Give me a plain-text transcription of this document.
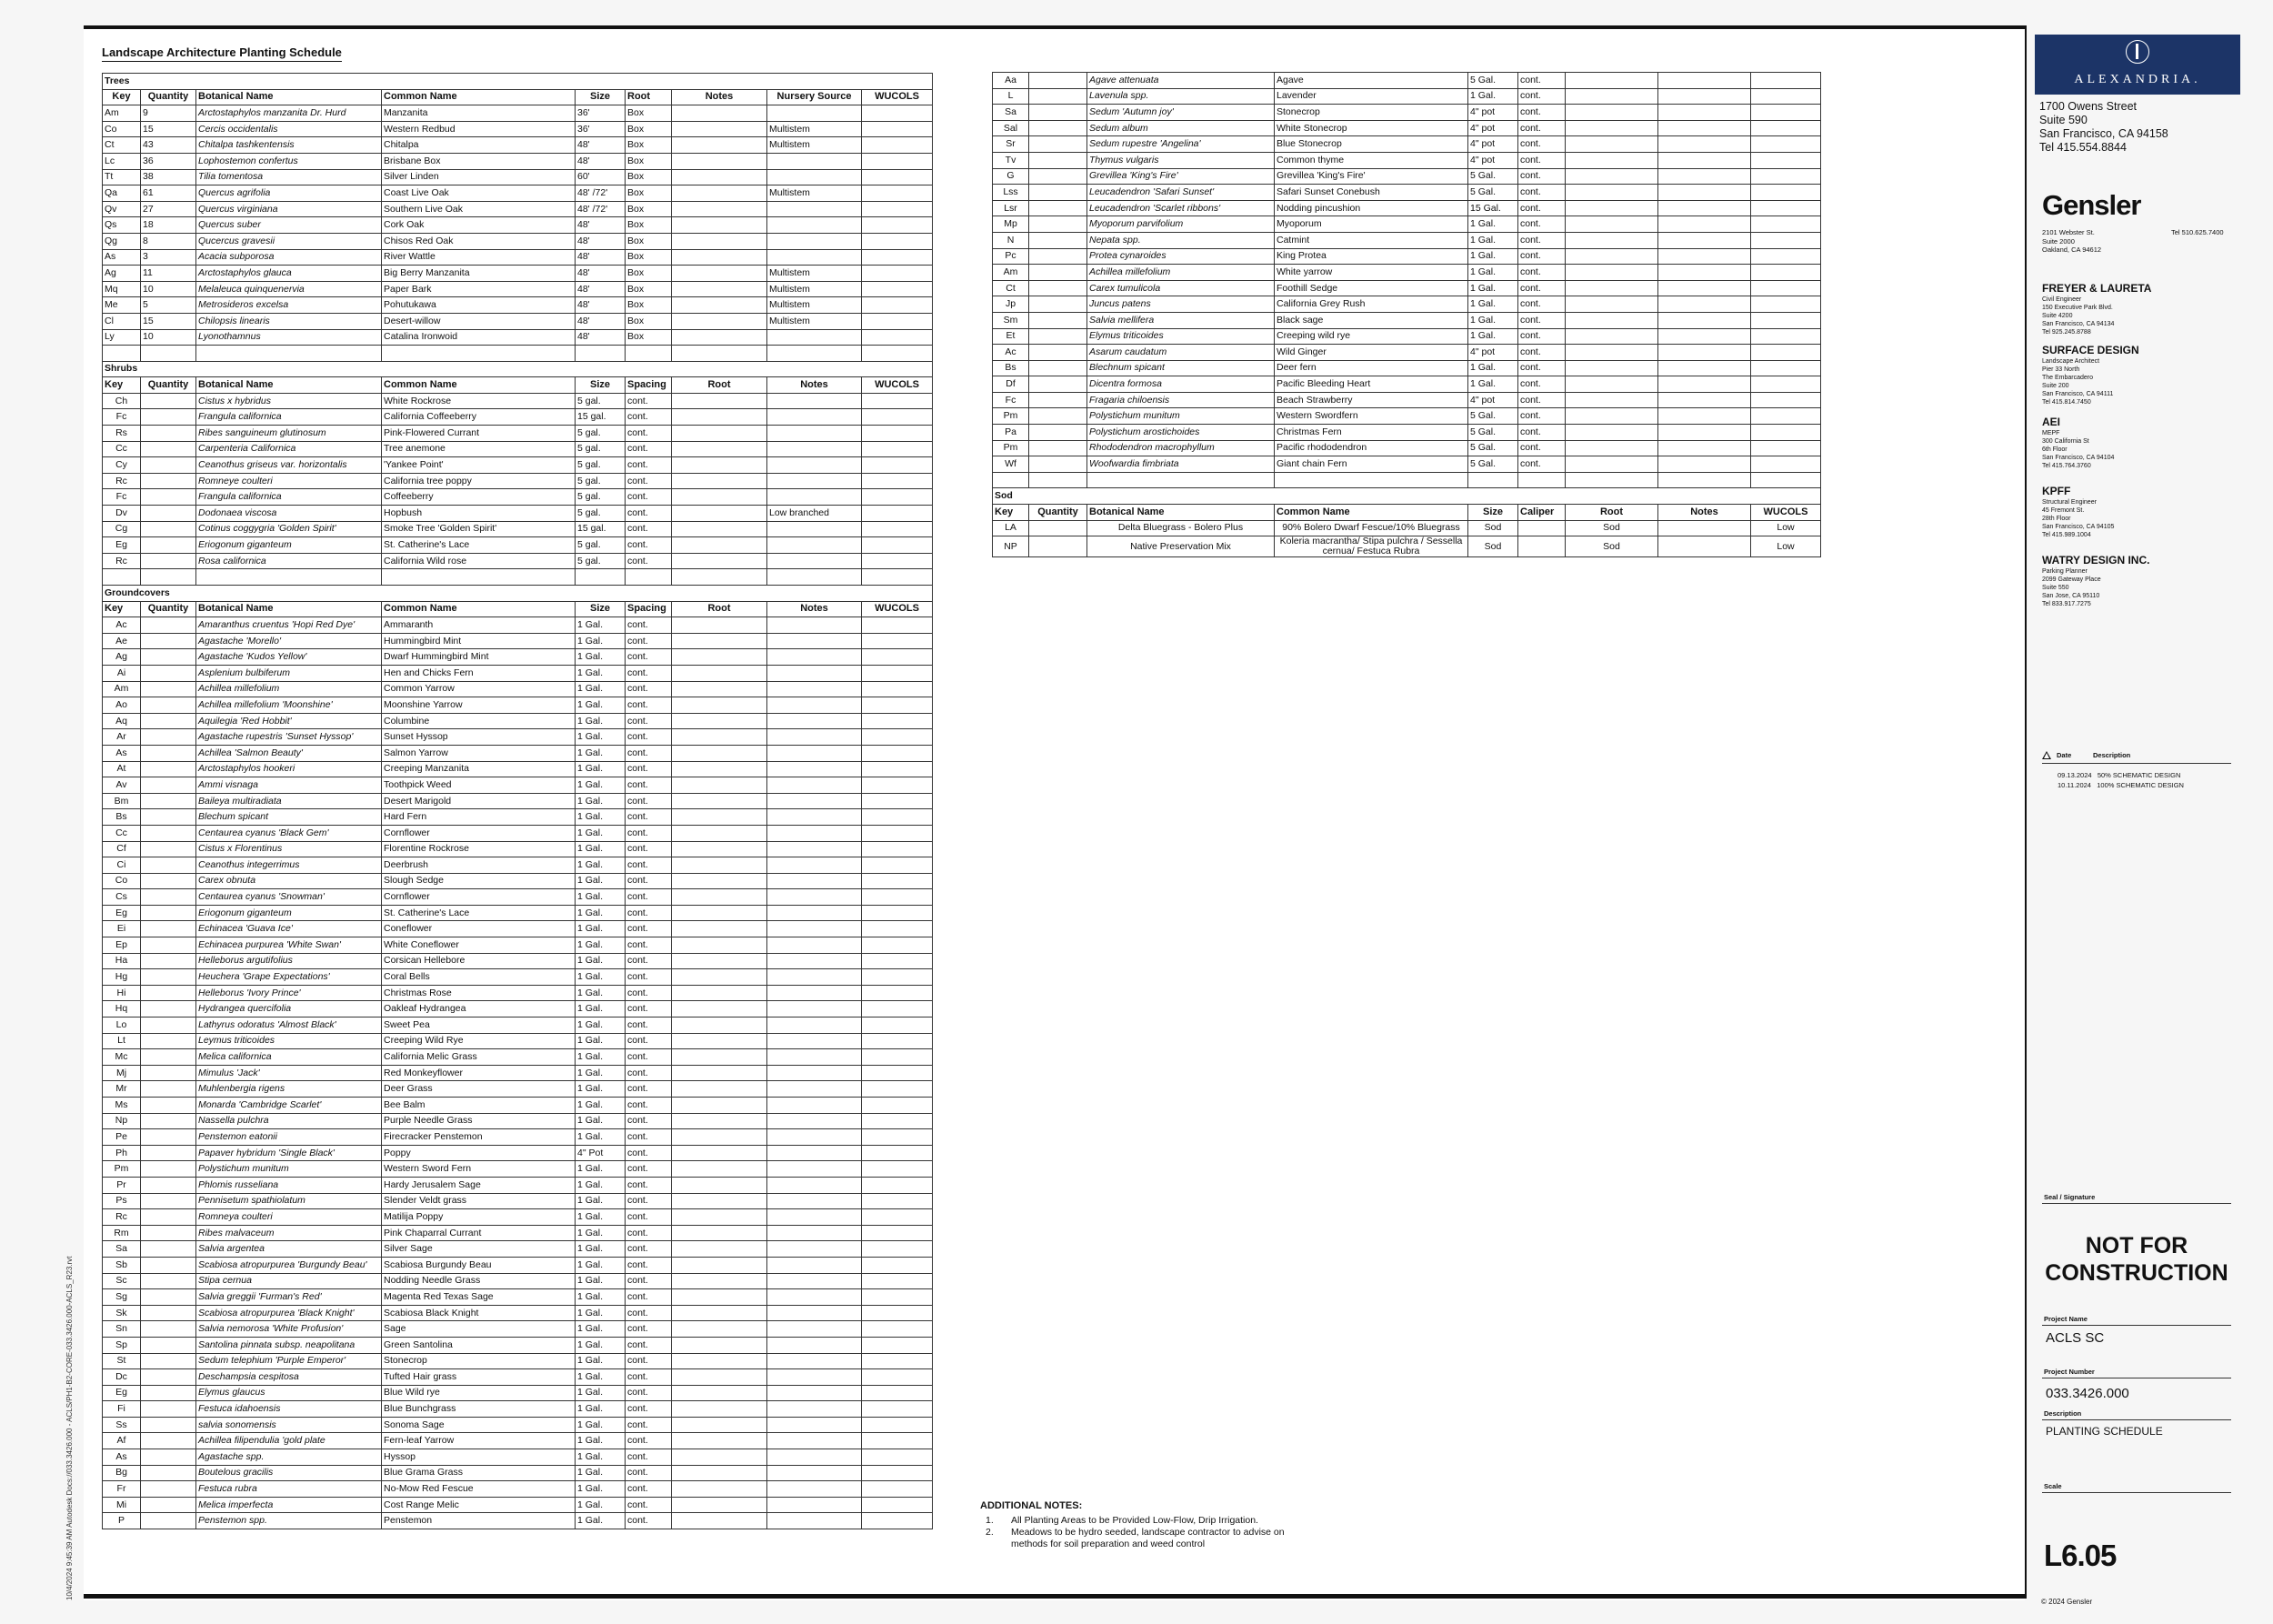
Landscape Architecture Planting Schedule
Trees								
Key	Quantity	Botanical Name	Common Name	Size	Root	Notes	Nursery Source	WUCOLS
Am	9	Arctostaphylos manzanita Dr. Hurd	Manzanita	36'	Box			
Co	15	Cercis occidentalis	Western Redbud	36'	Box		Multistem	
Ct	43	Chitalpa tashkentensis	Chitalpa	48'	Box		Multistem	
Lc	36	Lophostemon confertus	Brisbane Box	48'	Box			
Tt	38	Tilia tomentosa	Silver Linden	60'	Box			
Qa	61	Quercus agrifolia	Coast Live Oak	48' /72'	Box		Multistem	
Qv	27	Quercus virginiana	Southern Live Oak	48' /72'	Box			
Qs	18	Quercus suber	Cork Oak	48'	Box			
Qg	8	Qucercus gravesii	Chisos Red Oak	48'	Box			
As	3	Acacia subporosa	River Wattle	48'	Box			
Ag	11	Arctostaphylos glauca	Big Berry Manzanita	48'	Box		Multistem	
Mq	10	Melaleuca quinquenervia	Paper Bark	48'	Box		Multistem	
Me	5	Metrosideros excelsa	Pohutukawa	48'	Box		Multistem	
Cl	15	Chilopsis linearis	Desert-willow	48'	Box		Multistem	
Ly	10	Lyonothamnus	Catalina Ironwoid	48'	Box			

Shrubs								
Key	Quantity	Botanical Name	Common Name	Size	Spacing	Root	Notes	WUCOLS
Ch		Cistus x hybridus	White Rockrose	5 gal.	cont.			
Fc		Frangula californica	California Coffeeberry	15 gal.	cont.			
Rs		Ribes sanguineum glutinosum	Pink-Flowered Currant	5 gal.	cont.			
Cc		Carpenteria Californica	Tree anemone	5 gal.	cont.			
Cy		Ceanothus griseus var. horizontalis	'Yankee Point'	5 gal.	cont.			
Rc		Romneye coulteri	California tree poppy	5 gal.	cont.			
Fc		Frangula californica	Coffeeberry	5 gal.	cont.			
Dv		Dodonaea viscosa	Hopbush	5 gal.	cont.		Low branched	
Cg		Cotinus coggygria 'Golden Spirit'	Smoke Tree 'Golden Spirit'	15 gal.	cont.			
Eg		Eriogonum giganteum	St. Catherine's Lace	5 gal.	cont.			
Rc		Rosa californica	California Wild rose	5 gal.	cont.			

Groundcovers								
Key	Quantity	Botanical Name	Common Name	Size	Spacing	Root	Notes	WUCOLS
Ac		Amaranthus cruentus 'Hopi Red Dye'	Ammaranth	1 Gal.	cont.			
Ae		Agastache 'Morello'	Hummingbird Mint	1 Gal.	cont.			
Ag		Agastache 'Kudos Yellow'	Dwarf Hummingbird Mint	1 Gal.	cont.			
Ai		Asplenium bulbiferum	Hen and Chicks Fern	1 Gal.	cont.			
Am		Achillea millefolium	Common Yarrow	1 Gal.	cont.			
Ao		Achillea millefolium 'Moonshine'	Moonshine Yarrow	1 Gal.	cont.			
Aq		Aquilegia 'Red Hobbit'	Columbine	1 Gal.	cont.			
Ar		Agastache rupestris 'Sunset Hyssop'	Sunset Hyssop	1 Gal.	cont.			
As		Achillea 'Salmon Beauty'	Salmon Yarrow	1 Gal.	cont.			
At		Arctostaphylos hookeri	Creeping Manzanita	1 Gal.	cont.			
Av		Ammi visnaga	Toothpick Weed	1 Gal.	cont.			
Bm		Baileya multiradiata	Desert Marigold	1 Gal.	cont.			
Bs		Blechum spicant	Hard Fern	1 Gal.	cont.			
Cc		Centaurea cyanus 'Black Gem'	Cornflower	1 Gal.	cont.			
Cf		Cistus x Florentinus	Florentine Rockrose	1 Gal.	cont.			
Ci		Ceanothus integerrimus	Deerbrush	1 Gal.	cont.			
Co		Carex obnuta	Slough Sedge	1 Gal.	cont.			
Cs		Centaurea cyanus 'Snowman'	Cornflower	1 Gal.	cont.			
Eg		Eriogonum giganteum	St. Catherine's Lace	1 Gal.	cont.			
Ei		Echinacea 'Guava Ice'	Coneflower	1 Gal.	cont.			
Ep		Echinacea purpurea 'White Swan'	White Coneflower	1 Gal.	cont.			
Ha		Helleborus argutifolius	Corsican Hellebore	1 Gal.	cont.			
Hg		Heuchera 'Grape Expectations'	Coral Bells	1 Gal.	cont.			
Hi		Helleborus 'Ivory Prince'	Christmas Rose	1 Gal.	cont.			
Hq		Hydrangea quercifolia	Oakleaf Hydrangea	1 Gal.	cont.			
Lo		Lathyrus odoratus 'Almost Black'	Sweet Pea	1 Gal.	cont.			
Lt		Leymus triticoides	Creeping Wild Rye	1 Gal.	cont.			
Mc		Melica californica	California Melic Grass	1 Gal.	cont.			
Mj		Mimulus 'Jack'	Red Monkeyflower	1 Gal.	cont.			
Mr		Muhlenbergia rigens	Deer Grass	1 Gal.	cont.			
Ms		Monarda 'Cambridge Scarlet'	Bee Balm	1 Gal.	cont.			
Np		Nassella pulchra	Purple Needle Grass	1 Gal.	cont.			
Pe		Penstemon eatonii	Firecracker Penstemon	1 Gal.	cont.			
Ph		Papaver hybridum 'Single Black'	Poppy	4" Pot	cont.			
Pm		Polystichum munitum	Western Sword Fern	1 Gal.	cont.			
Pr		Phlomis russeliana	Hardy Jerusalem Sage	1 Gal.	cont.			
Ps		Pennisetum spathiolatum	Slender Veldt grass	1 Gal.	cont.			
Rc		Romneya coulteri	Matilija Poppy	1 Gal.	cont.			
Rm		Ribes malvaceum	Pink Chaparral Currant	1 Gal.	cont.			
Sa		Salvia argentea	Silver Sage	1 Gal.	cont.			
Sb		Scabiosa atropurpurea 'Burgundy Beau'	Scabiosa Burgundy Beau	1 Gal.	cont.			
Sc		Stipa cernua	Nodding Needle Grass	1 Gal.	cont.			
Sg		Salvia greggii 'Furman's Red'	Magenta Red Texas Sage	1 Gal.	cont.			
Sk		Scabiosa atropurpurea 'Black Knight'	Scabiosa Black Knight	1 Gal.	cont.			
Sn		Salvia nemorosa 'White Profusion'	Sage	1 Gal.	cont.			
Sp		Santolina pinnata subsp. neapolitana	Green Santolina	1 Gal.	cont.			
St		Sedum telephium 'Purple Emperor'	Stonecrop	1 Gal.	cont.			
Dc		Deschampsia cespitosa	Tufted Hair grass	1 Gal.	cont.			
Eg		Elymus glaucus	Blue Wild rye	1 Gal.	cont.			
Fi		Festuca idahoensis	Blue Bunchgrass	1 Gal.	cont.			
Ss		salvia sonomensis	Sonoma Sage	1 Gal.	cont.			
Af		Achillea filipendulia 'gold plate	Fern-leaf Yarrow	1 Gal.	cont.			
As		Agastache spp.	Hyssop	1 Gal.	cont.			
Bg		Boutelous gracilis	Blue Grama Grass	1 Gal.	cont.			
Fr		Festuca rubra	No-Mow Red Fescue	1 Gal.	cont.			
Mi		Melica imperfecta	Cost Range Melic	1 Gal.	cont.			
P		Penstemon spp.	Penstemon	1 Gal.	cont.			
Aa		Agave attenuata	Agave	5 Gal.	cont.			
L		Lavenula spp.	Lavender	1 Gal.	cont.			
Sa		Sedum 'Autumn joy'	Stonecrop	4" pot	cont.			
Sal		Sedum album	White Stonecrop	4" pot	cont.			
Sr		Sedum rupestre 'Angelina'	Blue Stonecrop	4" pot	cont.			
Tv		Thymus vulgaris	Common thyme	4" pot	cont.			
G		Grevillea 'King's Fire'	Grevillea 'King's Fire'	5 Gal.	cont.			
Lss		Leucadendron 'Safari Sunset'	Safari Sunset Conebush	5 Gal.	cont.			
Lsr		Leucadendron 'Scarlet ribbons'	Nodding pincushion	15 Gal.	cont.			
Mp		Myoporum parvifolium	Myoporum	1 Gal.	cont.			
N		Nepata spp.	Catmint	1 Gal.	cont.			
Pc		Protea cynaroides	King Protea	1 Gal.	cont.			
Am		Achillea millefolium	White yarrow	1 Gal.	cont.			
Ct		Carex tumulicola	Foothill Sedge	1 Gal.	cont.			
Jp		Juncus patens	California Grey Rush	1 Gal.	cont.			
Sm		Salvia mellifera	Black sage	1 Gal.	cont.			
Et		Elymus triticoides	Creeping wild rye	1 Gal.	cont.			
Ac		Asarum caudatum	Wild Ginger	4" pot	cont.			
Bs		Blechnum spicant	Deer fern	1 Gal.	cont.			
Df		Dicentra formosa	Pacific Bleeding Heart	1 Gal.	cont.			
Fc		Fragaria chiloensis	Beach Strawberry	4" pot	cont.			
Pm		Polystichum munitum	Western Swordfern	5 Gal.	cont.			
Pa		Polystichum arostichoides	Christmas Fern	5 Gal.	cont.			
Pm		Rhododendron macrophyllum	Pacific rhododendron	5 Gal.	cont.			
Wf		Woofwardia fimbriata	Giant chain Fern	5 Gal.	cont.			

Sod								
Key	Quantity	Botanical Name	Common Name	Size	Caliper	Root	Notes	WUCOLS
LA		Delta Bluegrass - Bolero Plus	90% Bolero Dwarf Fescue/10% Bluegrass	Sod		Sod		Low
NP		Native Preservation Mix	Koleria macrantha/ Stipa pulchra / Sessella cernua/ Festuca Rubra	Sod		Sod		Low
ADDITIONAL NOTES:
1.	All Planting Areas to be Provided Low-Flow, Drip Irrigation.
2.	Meadows to be hydro seeded, landscape contractor to advise on methods for soil preparation and weed control
10/4/2024 9:45:39 AM Autodesk Docs://033.3426.000 - ACLS/PH1-B2-CORE-033.3426.000-ACLS_R23.rvt
ALEXANDRIA.
1700 Owens Street
Suite 590
San Francisco, CA 94158
Tel 415.554.8844
Gensler
2101 Webster St.
Suite 2000
Oakland, CA 94612
Tel 510.625.7400
FREYER & LAURETA
Civil Engineer
150 Executive Park Blvd.
Suite 4200
San Francisco, CA 94134
Tel 925.245.8788
SURFACE DESIGN
Landscape Architect
Pier 33 North
The Embarcadero
Suite 200
San Francisco, CA 94111
Tel 415.814.7450
AEI
MEPF
300 California St
6th Floor
San Francisco, CA 94104
Tel 415.764.3760
KPFF
Structural Engineer
45 Fremont St.
28th Floor
San Francisco, CA 94105
Tel 415.989.1004
WATRY DESIGN INC.
Parking Planner
2099 Gateway Place
Suite 550
San Jose, CA 95110
Tel 833.917.7275
Date	Description
09.13.2024 50% SCHEMATIC DESIGN
10.11.2024 100% SCHEMATIC DESIGN
Seal / Signature
NOT FOR
CONSTRUCTION
Project Name
ACLS SC
Project Number
033.3426.000
Description
PLANTING SCHEDULE
Scale
L6.05
© 2024 Gensler
